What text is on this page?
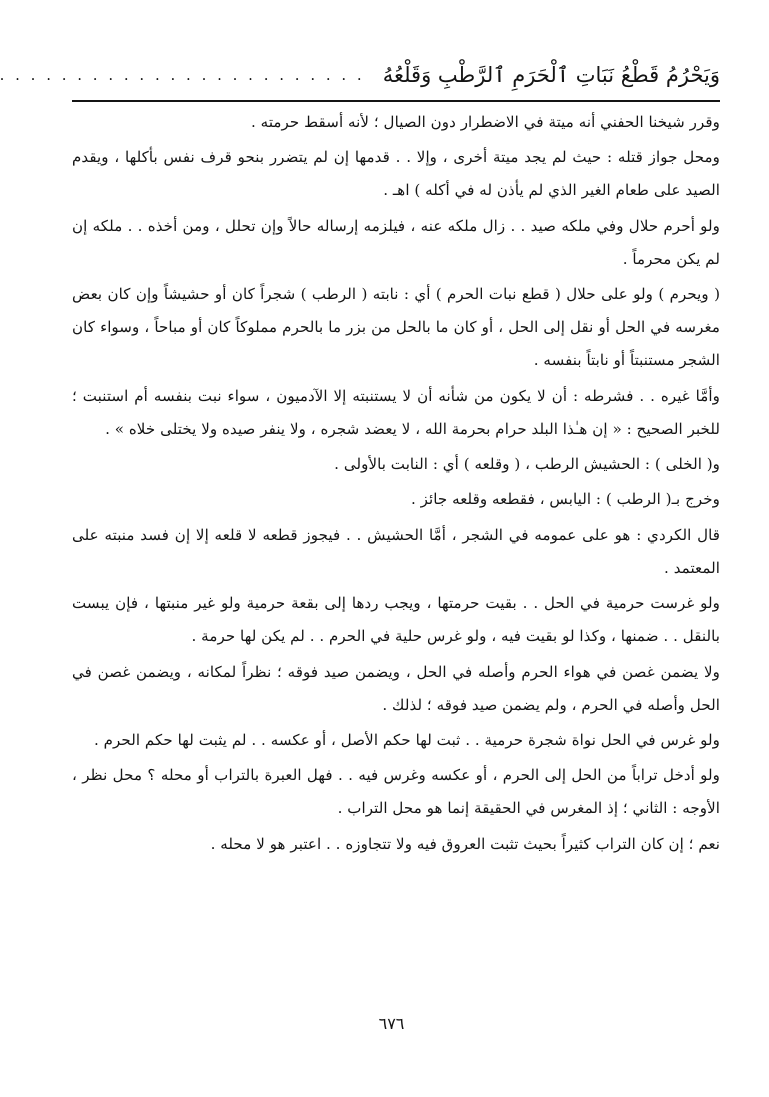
وَيَحْرُمُ قَطْعُ نَبَاتِ ٱلْحَرَمِ ٱلرَّطْبِ وَقَلْعُهُ
. . . . . . . . . . . . . . . . . . . . . . . .

وقرر شيخنا الحفني أنه ميتة في الاضطرار دون الصيال ؛ لأنه أسقط حرمته .

ومحل جواز قتله : حيث لم يجد ميتة أخرى ، وإلا . . قدمها إن لم يتضرر بنحو قرف نفس بأكلها ، ويقدم الصيد على طعام الغير الذي لم يأذن له في أكله ) اهـ .

ولو أحرم حلال وفي ملكه صيد . . زال ملكه عنه ، فيلزمه إرساله حالاً وإن تحلل ، ومن أخذه . . ملكه إن لم يكن محرماً .

( ويحرم ) ولو على حلال ( قطع نبات الحرم ) أي : نابته ( الرطب ) شجراً كان أو حشيشاً وإن كان بعض مغرسه في الحل أو نقل إلى الحل ، أو كان ما بالحل من بزر ما بالحرم مملوكاً كان أو مباحاً ، وسواء كان الشجر مستنبتاً أو نابتاً بنفسه .

وأمَّا غيره . . فشرطه : أن لا يكون من شأنه أن لا يستنبته إلا الآدميون ، سواء نبت بنفسه أم استنبت ؛ للخبر الصحيح : « إن هـٰذا البلد حرام بحرمة الله ، لا يعضد شجره ، ولا ينفر صيده ولا يختلى خلاه » .

و( الخلى ) : الحشيش الرطب ، ( وقلعه ) أي : النابت بالأولى .

وخرج بـ( الرطب ) : اليابس ، فقطعه وقلعه جائز .

قال الكردي : هو على عمومه في الشجر ، أمَّا الحشيش . . فيجوز قطعه لا قلعه إلا إن فسد منبته على المعتمد .

ولو غرست حرمية في الحل . . بقيت حرمتها ، ويجب ردها إلى بقعة حرمية ولو غير منبتها ، فإن يبست بالنقل . . ضمنها ، وكذا لو بقيت فيه ، ولو غرس حلية في الحرم . . لم يكن لها حرمة .

ولا يضمن غصن في هواء الحرم وأصله في الحل ، ويضمن صيد فوقه ؛ نظراً لمكانه ، ويضمن غصن في الحل وأصله في الحرم ، ولم يضمن صيد فوقه ؛ لذلك .

ولو غرس في الحل نواة شجرة حرمية . . ثبت لها حكم الأصل ، أو عكسه . . لم يثبت لها حكم الحرم .

ولو أدخل تراباً من الحل إلى الحرم ، أو عكسه وغرس فيه . . فهل العبرة بالتراب أو محله ؟ محل نظر ، الأوجه : الثاني ؛ إذ المغرس في الحقيقة إنما هو محل التراب .

نعم ؛ إن كان التراب كثيراً بحيث تثبت العروق فيه ولا تتجاوزه . . اعتبر هو لا محله .

٦٧٦
